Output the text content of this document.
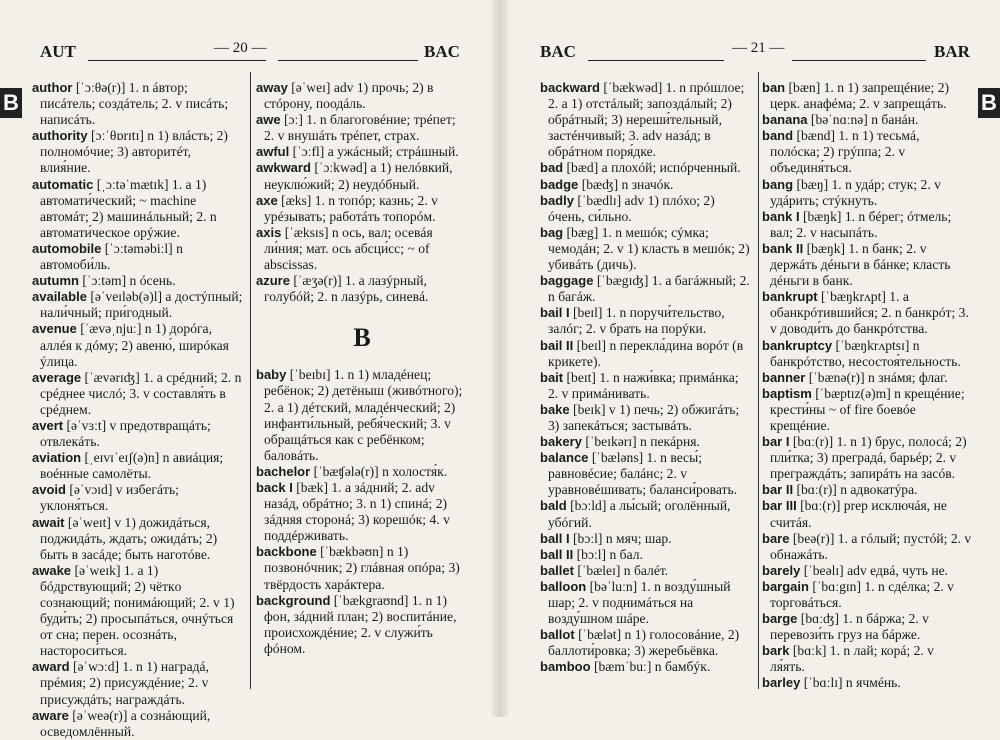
AUT	— 20 —	BAC
B

author [ˈɔːθə(r)] 1. n áвтор; писáтель; создáтель; 2. v писáть; написáть.

authority [ɔːˈθɒrɪtɪ] n 1) влáсть; 2) полномóчие; 3) авторитéт, влия́ние.

automatic [ˌɔːtəˈmætɪk] 1. a 1) автомати́ческий; ~ machine автомáт; 2) машинáльный; 2. n автомати́ческое орýжие.

automobile [ˈɔːtəməbiːl] n автомоби́ль.

autumn [ˈɔːtəm] n óсень.

available [əˈveɪləb(ə)l] a достýпный; нали́чный; при́годный.

avenue [ˈævəˌnjuː] n 1) дорóга, аллéя к дóму; 2) авеню́, ширóкая ýлица.

average [ˈævərɪʤ] 1. a срéдний; 2. n срéднее числó; 3. v составля́ть в срéднем.

avert [əˈvɜːt] v предотвращáть; отвлекáть.

aviation [ˌeɪvɪˈeɪʃ(ə)n] n авиáция; воéнные самолёты.

avoid [əˈvɔɪd] v избегáть; уклоня́ться.

await [əˈweɪt] v 1) дожидáться, поджидáть, ждать; ожидáть; 2) быть в засáде; быть наготóве.

awake [əˈweɪk] 1. a 1) бóдрствующий; 2) чёткo сознающий; понимáющий; 2. v 1) буди́ть; 2) просыпáться, очнýться от сна; перен. осознáть, настороси́ться.

award [əˈwɔːd] 1. n 1) наградá, прéмия; 2) присуждéние; 2. v присуждáть; награждáть.

aware [əˈweə(r)] a сознáющий, осведомлённый.

away [əˈweɪ] adv 1) прочь; 2) в стóрону, поодáль.

awe [ɔː] 1. n благоговéние; трéпет; 2. v внушáть трéпет, страх.

awful [ˈɔːfl] a ужáсный; стрáшный.

awkward [ˈɔːkwəd] a 1) нелóвкий, неуклю́жий; 2) неудóбный.

axe [æks] 1. n топóр; казнь; 2. v урéзывать; работáть топорóм.

axis [ˈæksɪs] n ось, вал; осевáя ли́ния; мат. ось абсци́сс; ~ of abscissas.

azure [ˈæʒə(r)] 1. a лазýрный, голубóй; 2. n лазýрь, синевá.

B

baby [ˈbeɪbɪ] 1. n 1) младéнец; ребёнок; 2) детёныш (живóтного); 2. a 1) дéтский, младéнческий; 2) инфанти́льный, ребя́ческий; 3. v обращáться как с ребёнком; баловáть.

bachelor [ˈbæʧələ(r)] n холостя́к.

back I [bæk] 1. a зáдний; 2. adv назáд, обрáтно; 3. n 1) спинá; 2) зáдняя сторонá; 3) корешóк; 4. v поддéрживать.

backbone [ˈbækbəʊn] n 1) позвонóчник; 2) глáвная опóра; 3) твёрдость харáктера.

background [ˈbækgraʊnd] 1. n 1) фон, зáдний план; 2) воспитáние, происхождéние; 2. v служи́ть фóном.

BAC	— 21 —	BAR

backward [ˈbækwəd] 1. n прóшлое; 2. a 1) отстáлый; запоздáлый; 2) обрáтный; 3) нереши́тельный, застéнчивый; 3. adv назáд; в обрáтном поря́дке.

bad [bæd] a плохóй; испóрченный.

badge [bæʤ] n значóк.

badly [ˈbædlɪ] adv 1) плóхо; 2) óчень, си́льно.

bag [bæg] 1. n мешóк; сýмка; чемодáн; 2. v 1) класть в мешóк; 2) убивáть (дичь).

baggage [ˈbægɪʤ] 1. a багáжный; 2. n багáж.

bail I [beɪl] 1. n поручи́тельство, залóг; 2. v брать на порýки.

bail II [beɪl] n перекла́дина ворóт (в крикете).

bait [beɪt] 1. n нажи́вка; примáнка; 2. v примáнивать.

bake [beɪk] v 1) печь; 2) обжигáть; 3) запекáться; застывáть.

bakery [ˈbeɪkərɪ] n пекáрня.

balance [ˈbæləns] 1. n весы́; равновéсие; балáнс; 2. v уравновéшивать; баланси́ровать.

bald [bɔːld] a лы́сый; оголённый, убóгий.

ball I [bɔːl] n мяч; шар.

ball II [bɔːl] n бал.

ballet [ˈbæleɪ] n балéт.

balloon [bəˈluːn] 1. n возду́шный шар; 2. v поднимáться на возду́шном шáре.

ballot [ˈbælət] n 1) голосовáние, 2) баллоти́ровка; 3) жеребьёвка.

bamboo [bæmˈbuː] n бамбýк.

ban [bæn] 1. n 1) запрещéние; 2) церк. анафéма; 2. v запрещáть.

banana [bəˈnɑːnə] n банáн.

band [bænd] 1. n 1) тесьмá, полóска; 2) грýппа; 2. v объединя́ться.

bang [bæŋ] 1. n удáр; стук; 2. v удáрить; стýкнуть.

bank I [bæŋk] 1. n бéрег; óтмель; вал; 2. v насыпáть.

bank II [bæŋk] 1. n банк; 2. v держáть дéньги в бáнке; класть дéньги в банк.

bankrupt [ˈbæŋkrʌpt] 1. a обанкрóтившийся; 2. n банкрóт; 3. v доводи́ть до банкрóтства.

bankruptcy [ˈbæŋkrʌptsɪ] n банкрóтство, несостоя́тельность.

banner [ˈbænə(r)] n знáмя; флаг.

baptism [ˈbæptɪz(ə)m] n крещéние; крести́ны ~ of fire боевóе крещéние.

bar I [bɑː(r)] 1. n 1) брус, полосá; 2) пли́тка; 3) преградá, барьéр; 2. v преграждáть; запирáть на засóв.

bar II [bɑː(r)] n адвокатýра.

bar III [bɑː(r)] prep исключáя, не считáя.

bare [beə(r)] 1. a гóлый; пустóй; 2. v обнажáть.

barely [ˈbeəlɪ] adv едвá, чуть не.

bargain [ˈbɑːgɪn] 1. n сдéлка; 2. v торговáться.

barge [bɑːʤ] 1. n бáржа; 2. v перевози́ть груз на бáрже.

bark [bɑːk] 1. n лай; корá; 2. v ля́ять.

barley [ˈbɑːlɪ] n ячмéнь.

B
